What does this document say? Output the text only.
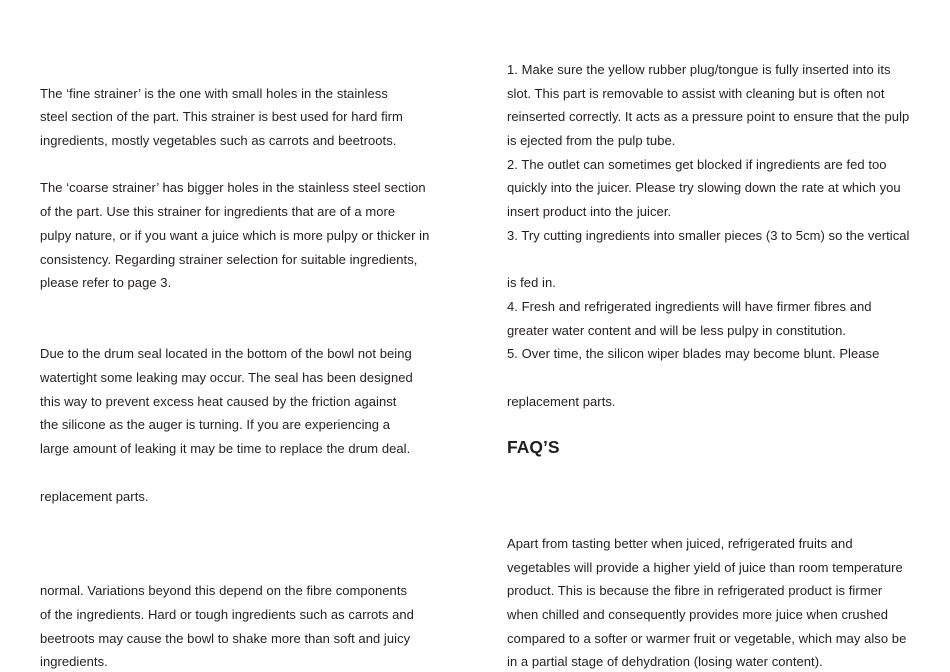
The ‘fine strainer’ is the one with small holes in the stainless
steel section of the part. This strainer is best used for hard firm
ingredients, mostly vegetables such as carrots and beetroots.
The ‘coarse strainer’ has bigger holes in the stainless steel section
of the part. Use this strainer for ingredients that are of a more
pulpy nature, or if you want a juice which is more pulpy or thicker in
consistency. Regarding strainer selection for suitable ingredients,
please refer to page 3.
Due to the drum seal located in the bottom of the bowl not being
watertight some leaking may occur. The seal has been designed
this way to prevent excess heat caused by the friction against
the silicone as the auger is turning. If you are experiencing a
large amount of leaking it may be time to replace the drum deal.
replacement parts.
normal. Variations beyond this depend on the fibre components
of the ingredients. Hard or tough ingredients such as carrots and
beetroots may cause the bowl to shake more than soft and juicy
ingredients.
1. Make sure the yellow rubber plug/tongue is fully inserted into its
slot. This part is removable to assist with cleaning but is often not
reinserted correctly. It acts as a pressure point to ensure that the pulp
is ejected from the pulp tube.
2. The outlet can sometimes get blocked if ingredients are fed too
quickly into the juicer. Please try slowing down the rate at which you
insert product into the juicer.
3. Try cutting ingredients into smaller pieces (3 to 5cm) so the vertical
is fed in.
4. Fresh and refrigerated ingredients will have firmer fibres and
greater water content and will be less pulpy in constitution.
5. Over time, the silicon wiper blades may become blunt. Please
replacement parts.
FAQ’S
Apart from tasting better when juiced, refrigerated fruits and
vegetables will provide a higher yield of juice than room temperature
product. This is because the fibre in refrigerated product is firmer
when chilled and consequently provides more juice when crushed
compared to a softer or warmer fruit or vegetable, which may also be
in a partial stage of dehydration (losing water content).
